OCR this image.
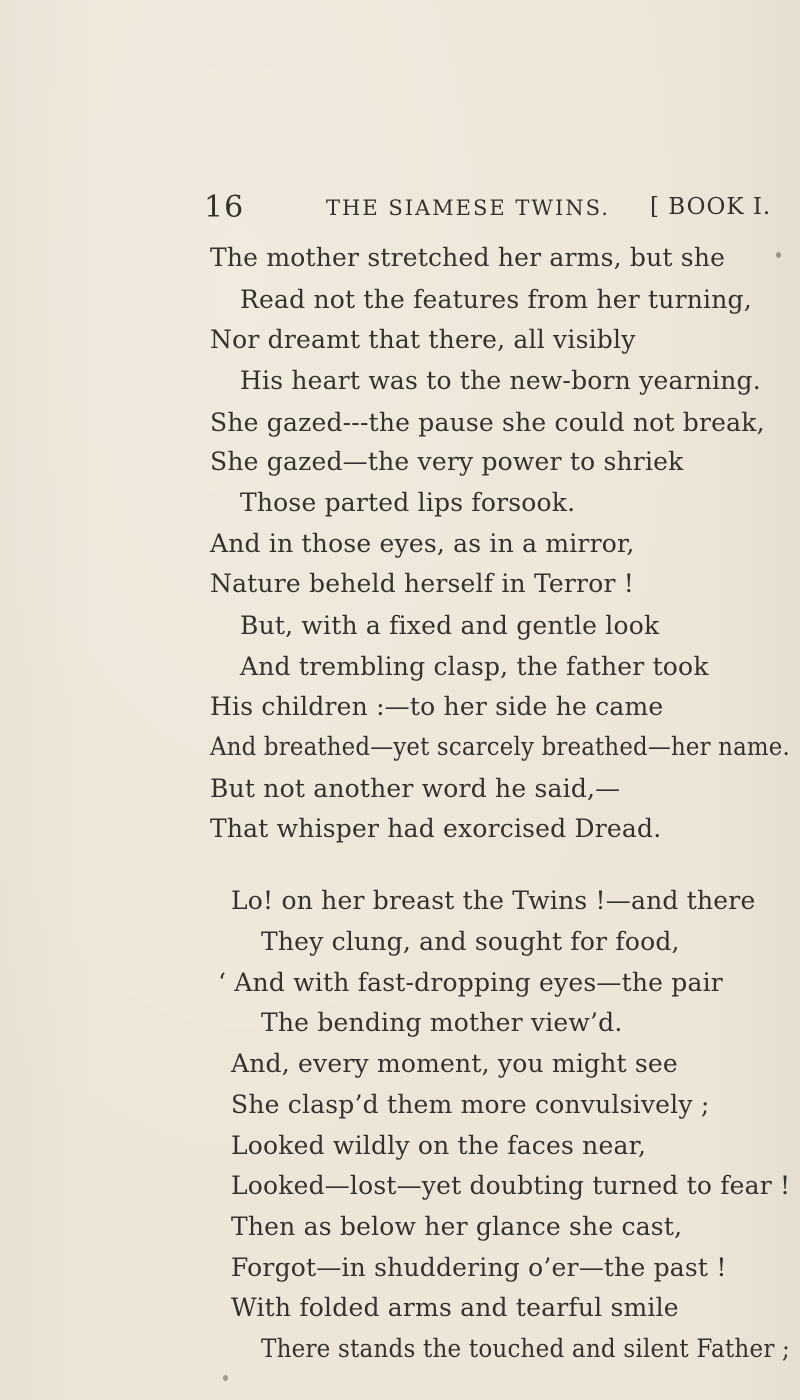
16	THE SIAMESE TWINS. [ BOOK I.
The mother stretched her arms, but she
Read not the features from her turning,
Nor dreamt that there, all visibly
His heart was to the new-born yearning.
She gazed---the pause she could not break,
She gazed—the very power to shriek
Those parted lips forsook.
And in those eyes, as in a mirror,
Nature beheld herself in Terror !
But, with a fixed and gentle look
And trembling clasp, the father took
His children :—to her side he came
And breathed—yet scarcely breathed—her name.
But not another word he said,—
That whisper had exorcised Dread.
Lo! on her breast the Twins !—and there
They clung, and sought for food,
‘ And with fast-dropping eyes—the pair
The bending mother view’d.
And, every moment, you might see
She clasp’d them more convulsively ;
Looked wildly on the faces near,
Looked—lost—yet doubting turned to fear !
Then as below her glance she cast,
Forgot—in shuddering o’er—the past !
With folded arms and tearful smile
There stands the touched and silent Father ;
